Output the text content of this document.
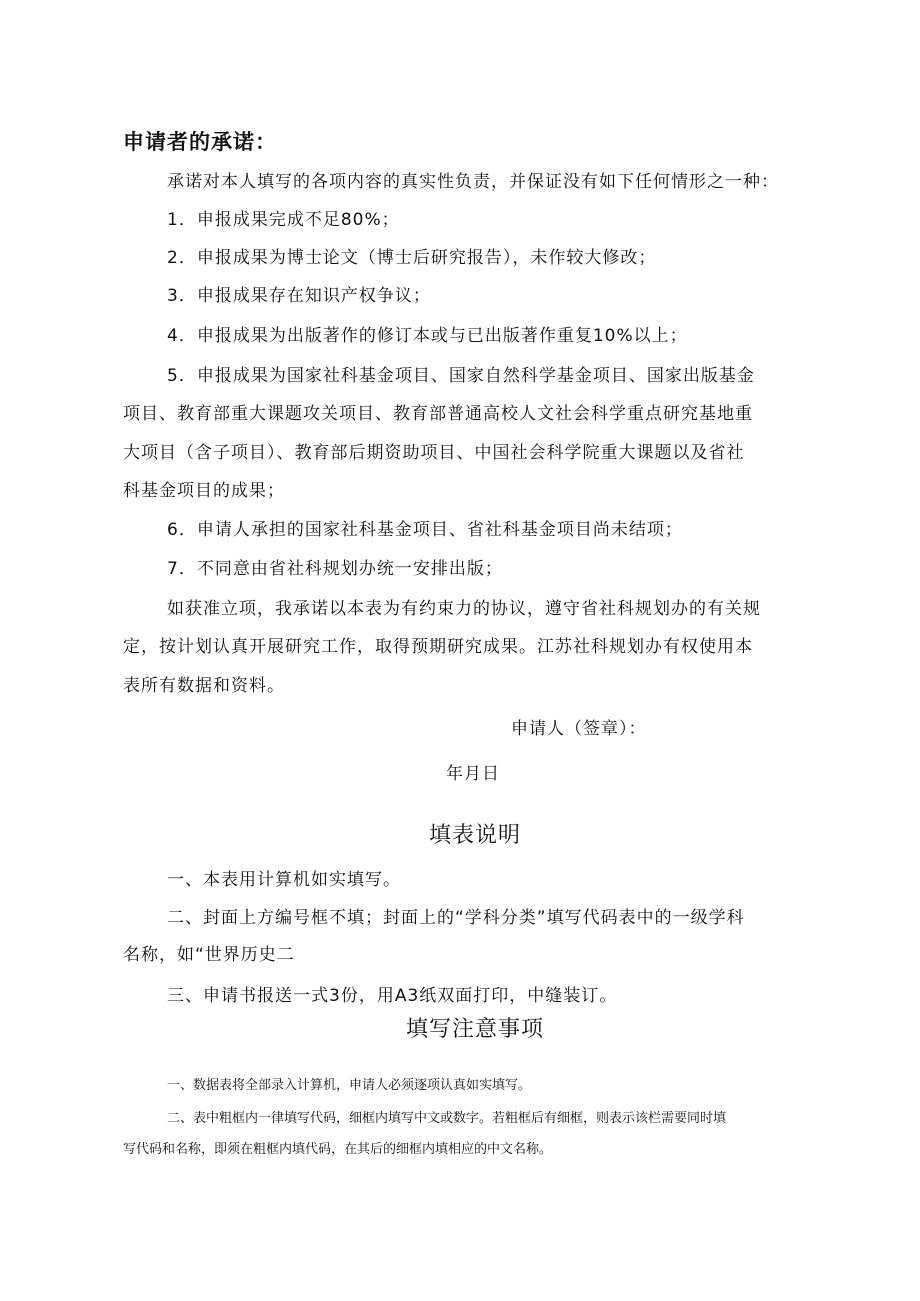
申请者的承诺：
承诺对本人填写的各项内容的真实性负责，并保证没有如下任何情形之一种：
1．申报成果完成不足80%；
2．申报成果为博士论文（博士后研究报告），未作较大修改；
3．申报成果存在知识产权争议；
4．申报成果为出版著作的修订本或与已出版著作重复10%以上；
5．申报成果为国家社科基金项目、国家自然科学基金项目、国家出版基金
项目、教育部重大课题攻关项目、教育部普通高校人文社会科学重点研究基地重
大项目（含子项目）、教育部后期资助项目、中国社会科学院重大课题以及省社
科基金项目的成果；
6．申请人承担的国家社科基金项目、省社科基金项目尚未结项；
7．不同意由省社科规划办统一安排出版；
如获准立项，我承诺以本表为有约束力的协议，遵守省社科规划办的有关规
定，按计划认真开展研究工作，取得预期研究成果。江苏社科规划办有权使用本
表所有数据和资料。
申请人（签章）：
年月日
填表说明
一、本表用计算机如实填写。
二、封面上方编号框不填；封面上的“学科分类”填写代码表中的一级学科
名称，如“世界历史二
三、申请书报送一式3份，用A3纸双面打印，中缝装订。
填写注意事项
一、数据表将全部录入计算机，申请人必须逐项认真如实填写。
二、表中粗框内一律填写代码，细框内填写中文或数字。若粗框后有细框，则表示该栏需要同时填
写代码和名称，即须在粗框内填代码，在其后的细框内填相应的中文名称。
